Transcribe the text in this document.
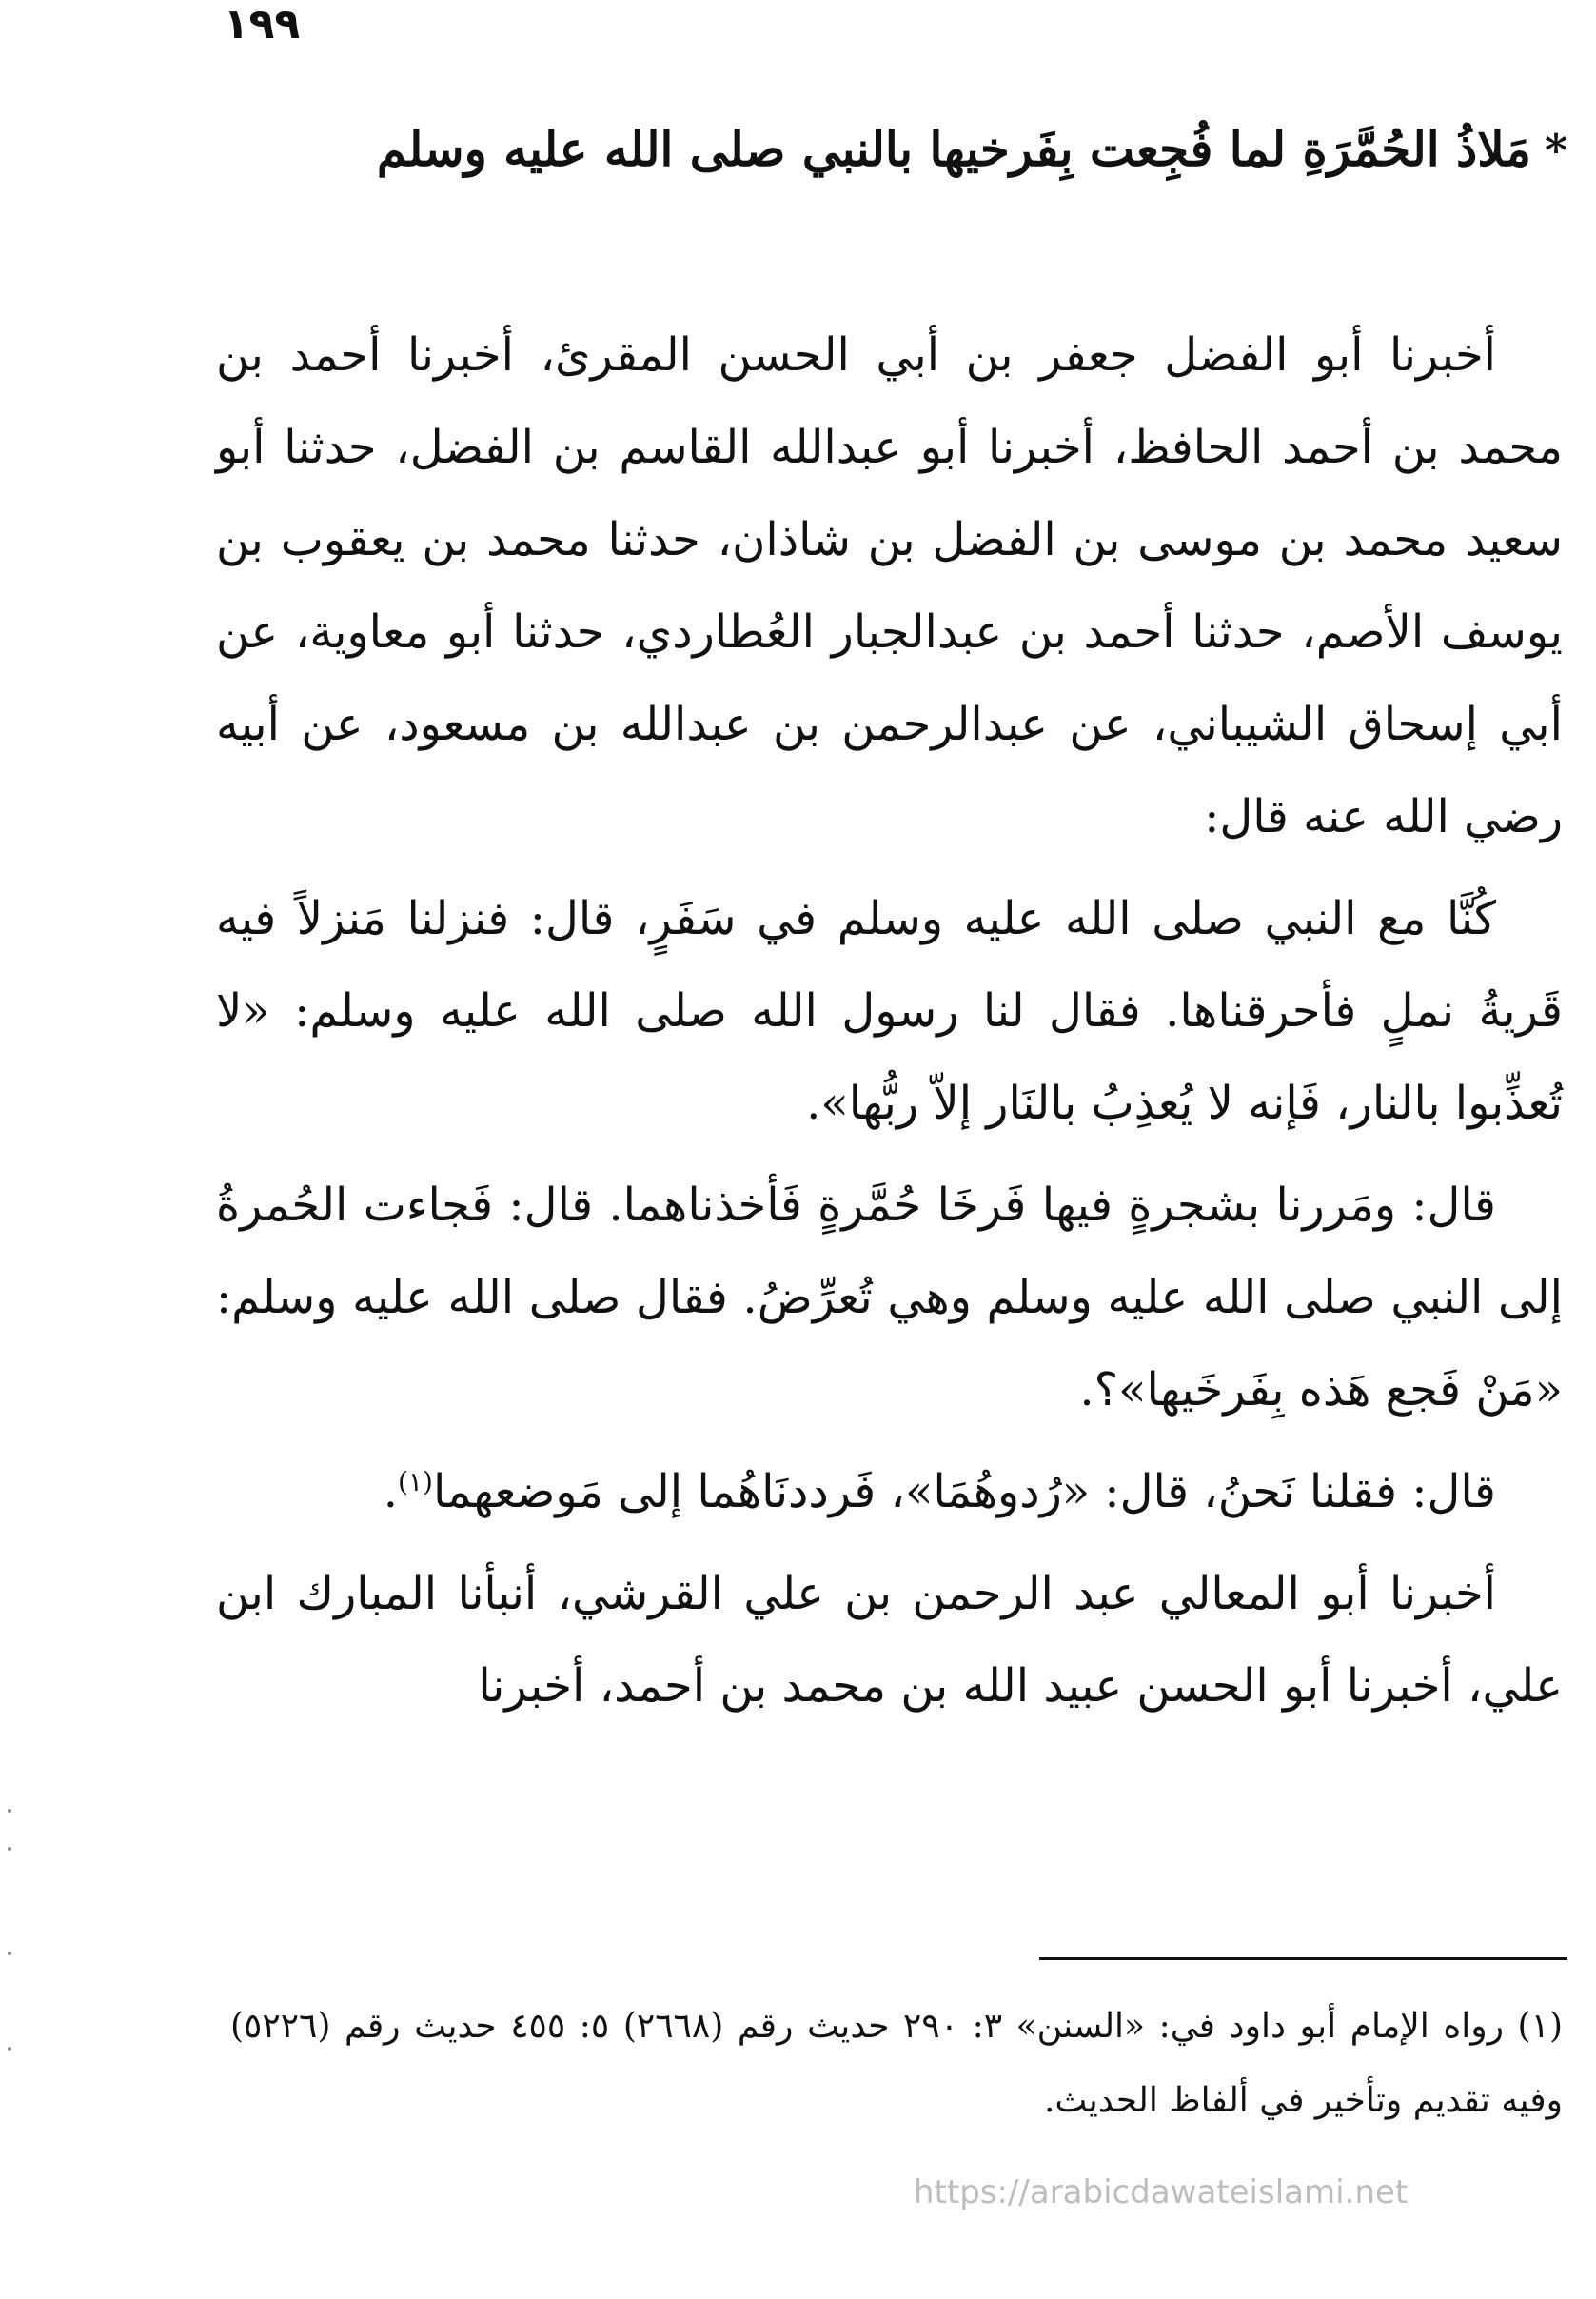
١٩٩
*مَلاذُ الحُمَّرَةِ لما فُجِعت بِفَرخيها بالنبي صلى الله عليه وسلم

أخبرنا أبو الفضل جعفر بن أبي الحسن المقرئ، أخبرنا أحمد بن محمد بن أحمد الحافظ، أخبرنا أبو عبدالله القاسم بن الفضل، حدثنا أبو سعيد محمد بن موسى بن الفضل بن شاذان، حدثنا محمد بن يعقوب بن يوسف الأصم، حدثنا أحمد بن عبدالجبار العُطاردي، حدثنا أبو معاوية، عن أبي إسحاق الشيباني، عن عبدالرحمن بن عبدالله بن مسعود، عن أبيه رضي الله عنه قال:

كُنَّا مع النبي صلى الله عليه وسلم في سَفَرٍ، قال: فنزلنا مَنزلاً فيه قَريةُ نملٍ فأحرقناها. فقال لنا رسول الله صلى الله عليه وسلم: «لا تُعذِّبوا بالنار، فَإنه لا يُعذِبُ بالنَار إلاّ ربُّها».

قال: ومَررنا بشجرةٍ فيها فَرخَا حُمَّرةٍ فَأخذناهما. قال: فَجاءت الحُمرةُ إلى النبي صلى الله عليه وسلم وهي تُعرِّضُ. فقال صلى الله عليه وسلم: «مَنْ فَجع هَذه بِفَرخَيها»؟.

قال: فقلنا نَحنُ، قال: «رُدوهُمَا»، فَرددنَاهُما إلى مَوضعهما$^{(١)}$.

أخبرنا أبو المعالي عبد الرحمن بن علي القرشي، أنبأنا المبارك ابن علي، أخبرنا أبو الحسن عبيد الله بن محمد بن أحمد، أخبرنا

(١) رواه الإمام أبو داود في: «السنن» ٣: ٢٩٠ حديث رقم (٢٦٦٨) ٥: ٤٥٥ حديث رقم (٥٢٢٦) وفيه تقديم وتأخير في ألفاظ الحديث.

https://arabicdawateislami.net
